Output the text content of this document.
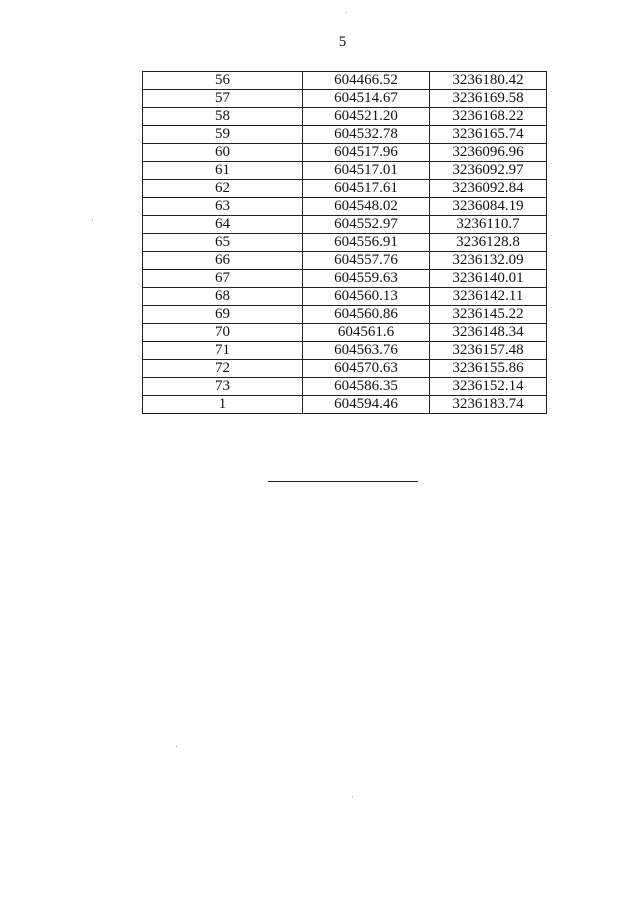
5
56	604466.52	3236180.42
57	604514.67	3236169.58
58	604521.20	3236168.22
59	604532.78	3236165.74
60	604517.96	3236096.96
61	604517.01	3236092.97
62	604517.61	3236092.84
63	604548.02	3236084.19
64	604552.97	3236110.7
65	604556.91	3236128.8
66	604557.76	3236132.09
67	604559.63	3236140.01
68	604560.13	3236142.11
69	604560.86	3236145.22
70	604561.6	3236148.34
71	604563.76	3236157.48
72	604570.63	3236155.86
73	604586.35	3236152.14
1	604594.46	3236183.74
